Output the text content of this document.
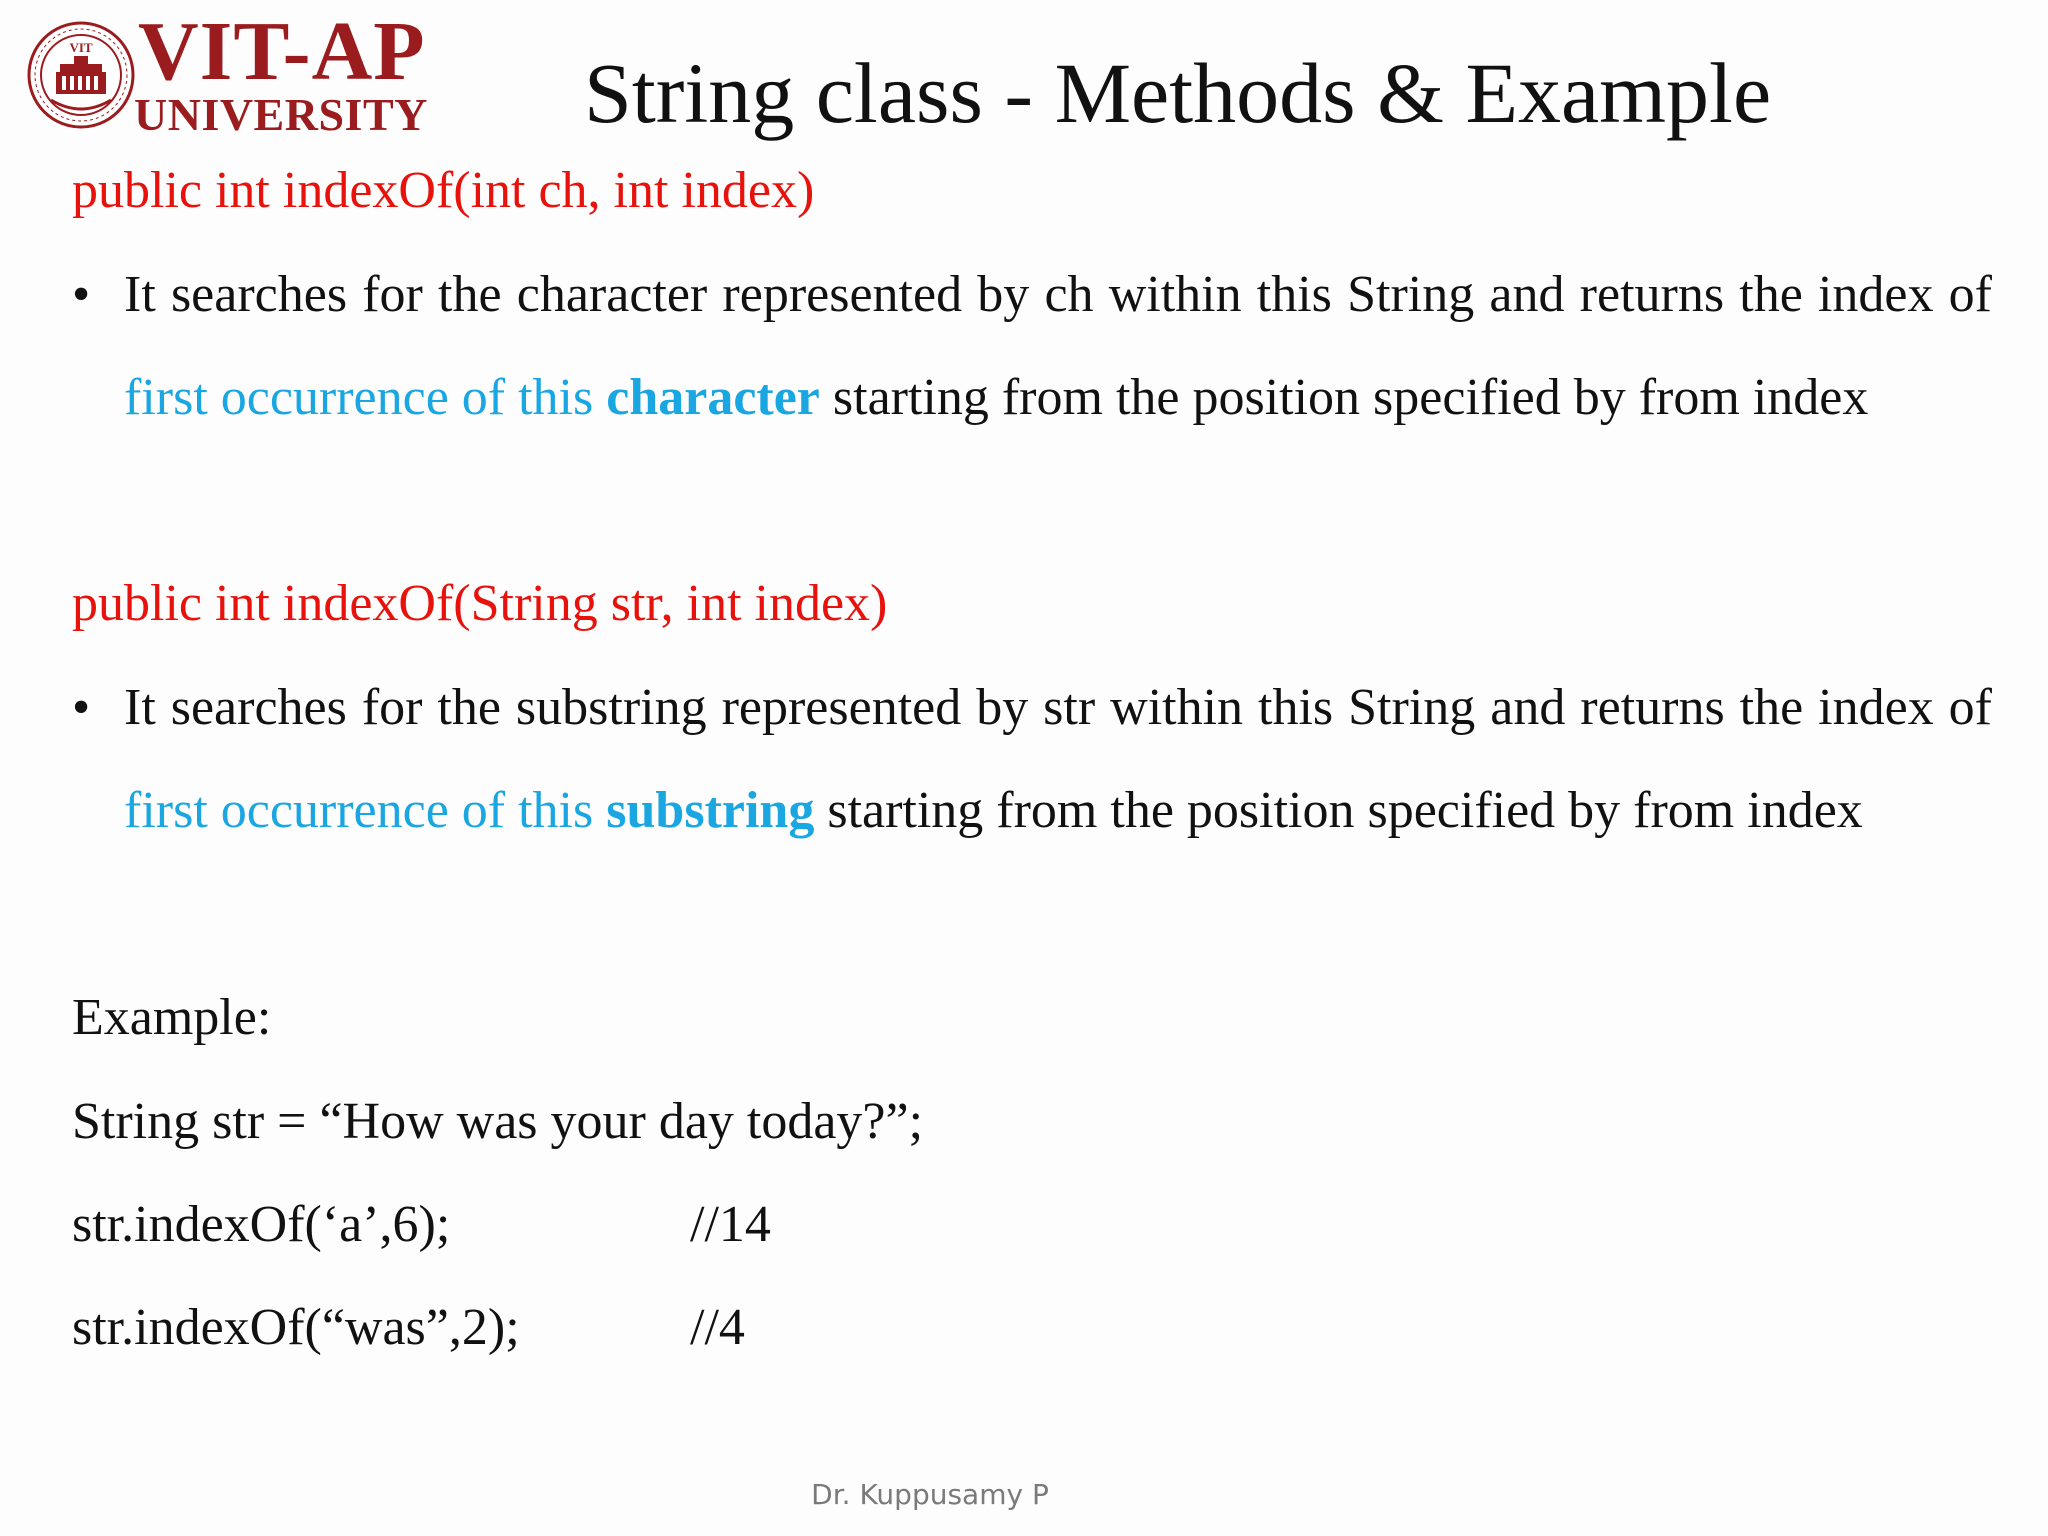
VIT VIT-AP
UNIVERSITY String class - Methods & Example
public int indexOf(int ch, int index)
• It searches for the character represented by ch within this String and returns the index of first occurrence of this character starting from the position specified by from index
public int indexOf(String str, int index)
• It searches for the substring represented by str within this String and returns the index of first occurrence of this substring starting from the position specified by from index
Example:
String str = “How was your day today?”;
str.indexOf(‘a’,6);	//14
str.indexOf(“was”,2);	//4
Dr. Kuppusamy P
